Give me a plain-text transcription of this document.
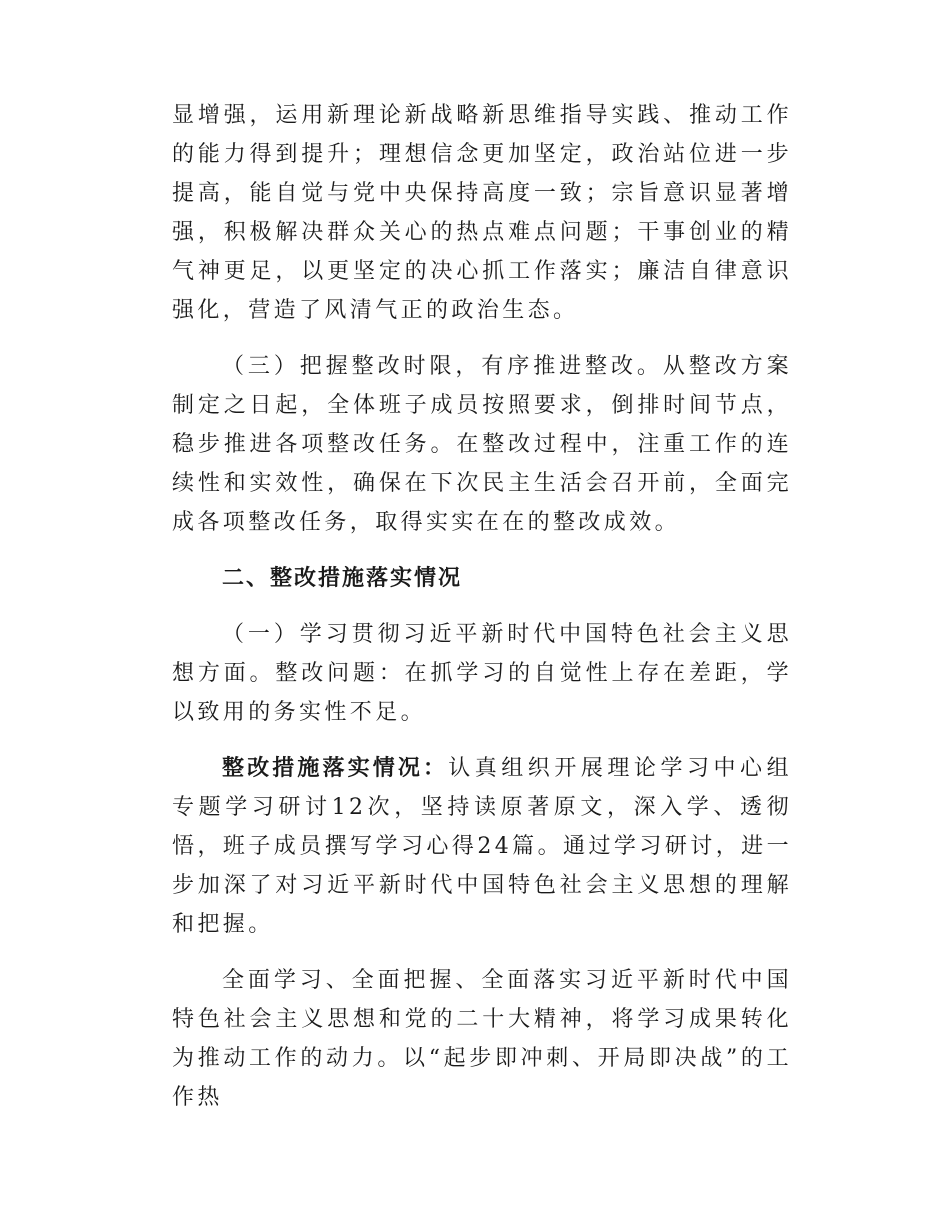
显增强，运用新理论新战略新思维指导实践、推动工作的能力得到提升；理想信念更加坚定，政治站位进一步提高，能自觉与党中央保持高度一致；宗旨意识显著增强，积极解决群众关心的热点难点问题；干事创业的精气神更足，以更坚定的决心抓工作落实；廉洁自律意识强化，营造了风清气正的政治生态。

（三）把握整改时限，有序推进整改。从整改方案制定之日起，全体班子成员按照要求，倒排时间节点，稳步推进各项整改任务。在整改过程中，注重工作的连续性和实效性，确保在下次民主生活会召开前，全面完成各项整改任务，取得实实在在的整改成效。

二、整改措施落实情况

（一）学习贯彻习近平新时代中国特色社会主义思想方面。整改问题：在抓学习的自觉性上存在差距，学以致用的务实性不足。

整改措施落实情况：认真组织开展理论学习中心组专题学习研讨12次，坚持读原著原文，深入学、透彻悟，班子成员撰写学习心得24篇。通过学习研讨，进一步加深了对习近平新时代中国特色社会主义思想的理解和把握。

全面学习、全面把握、全面落实习近平新时代中国特色社会主义思想和党的二十大精神，将学习成果转化为推动工作的动力。以“起步即冲刺、开局即决战”的工作热
